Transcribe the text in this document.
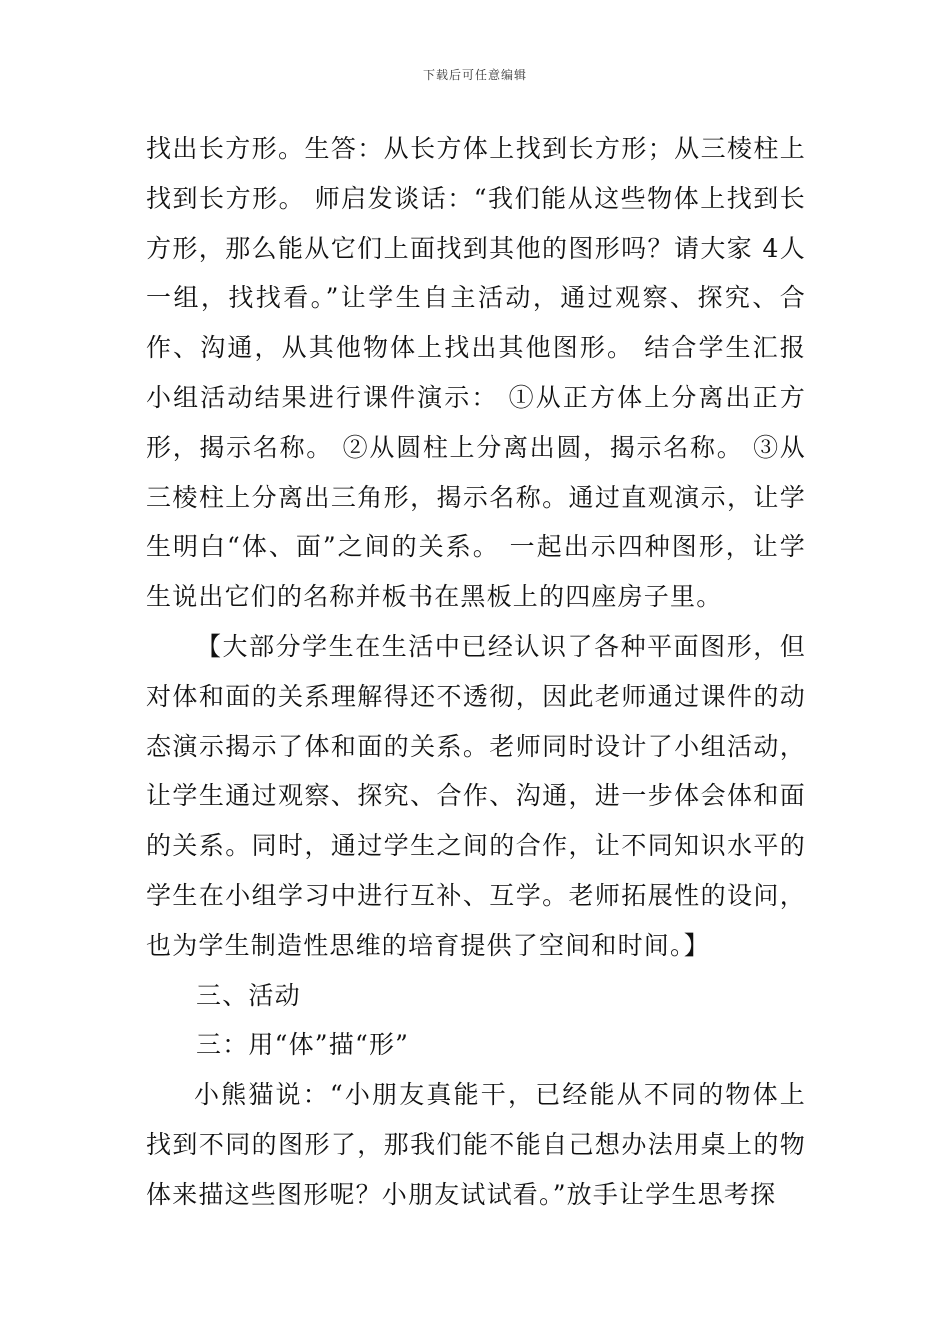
下载后可任意编辑

找出长方形。生答：从长方体上找到长方形；从三棱柱上找到长方形。 师启发谈话：“我们能从这些物体上找到长方形，那么能从它们上面找到其他的图形吗？请大家 4人一组，找找看。”让学生自主活动，通过观察、探究、合作、沟通，从其他物体上找出其他图形。 结合学生汇报小组活动结果进行课件演示： ①从正方体上分离出正方形，揭示名称。 ②从圆柱上分离出圆，揭示名称。 ③从三棱柱上分离出三角形，揭示名称。通过直观演示，让学生明白“体、面”之间的关系。 一起出示四种图形，让学生说出它们的名称并板书在黑板上的四座房子里。

【大部分学生在生活中已经认识了各种平面图形，但对体和面的关系理解得还不透彻，因此老师通过课件的动态演示揭示了体和面的关系。老师同时设计了小组活动，让学生通过观察、探究、合作、沟通，进一步体会体和面的关系。同时，通过学生之间的合作，让不同知识水平的学生在小组学习中进行互补、互学。老师拓展性的设问，也为学生制造性思维的培育提供了空间和时间。】

三、活动

三：用“体”描“形”

小熊猫说：“小朋友真能干，已经能从不同的物体上找到不同的图形了，那我们能不能自己想办法用桌上的物体来描这些图形呢？小朋友试试看。”放手让学生思考探
